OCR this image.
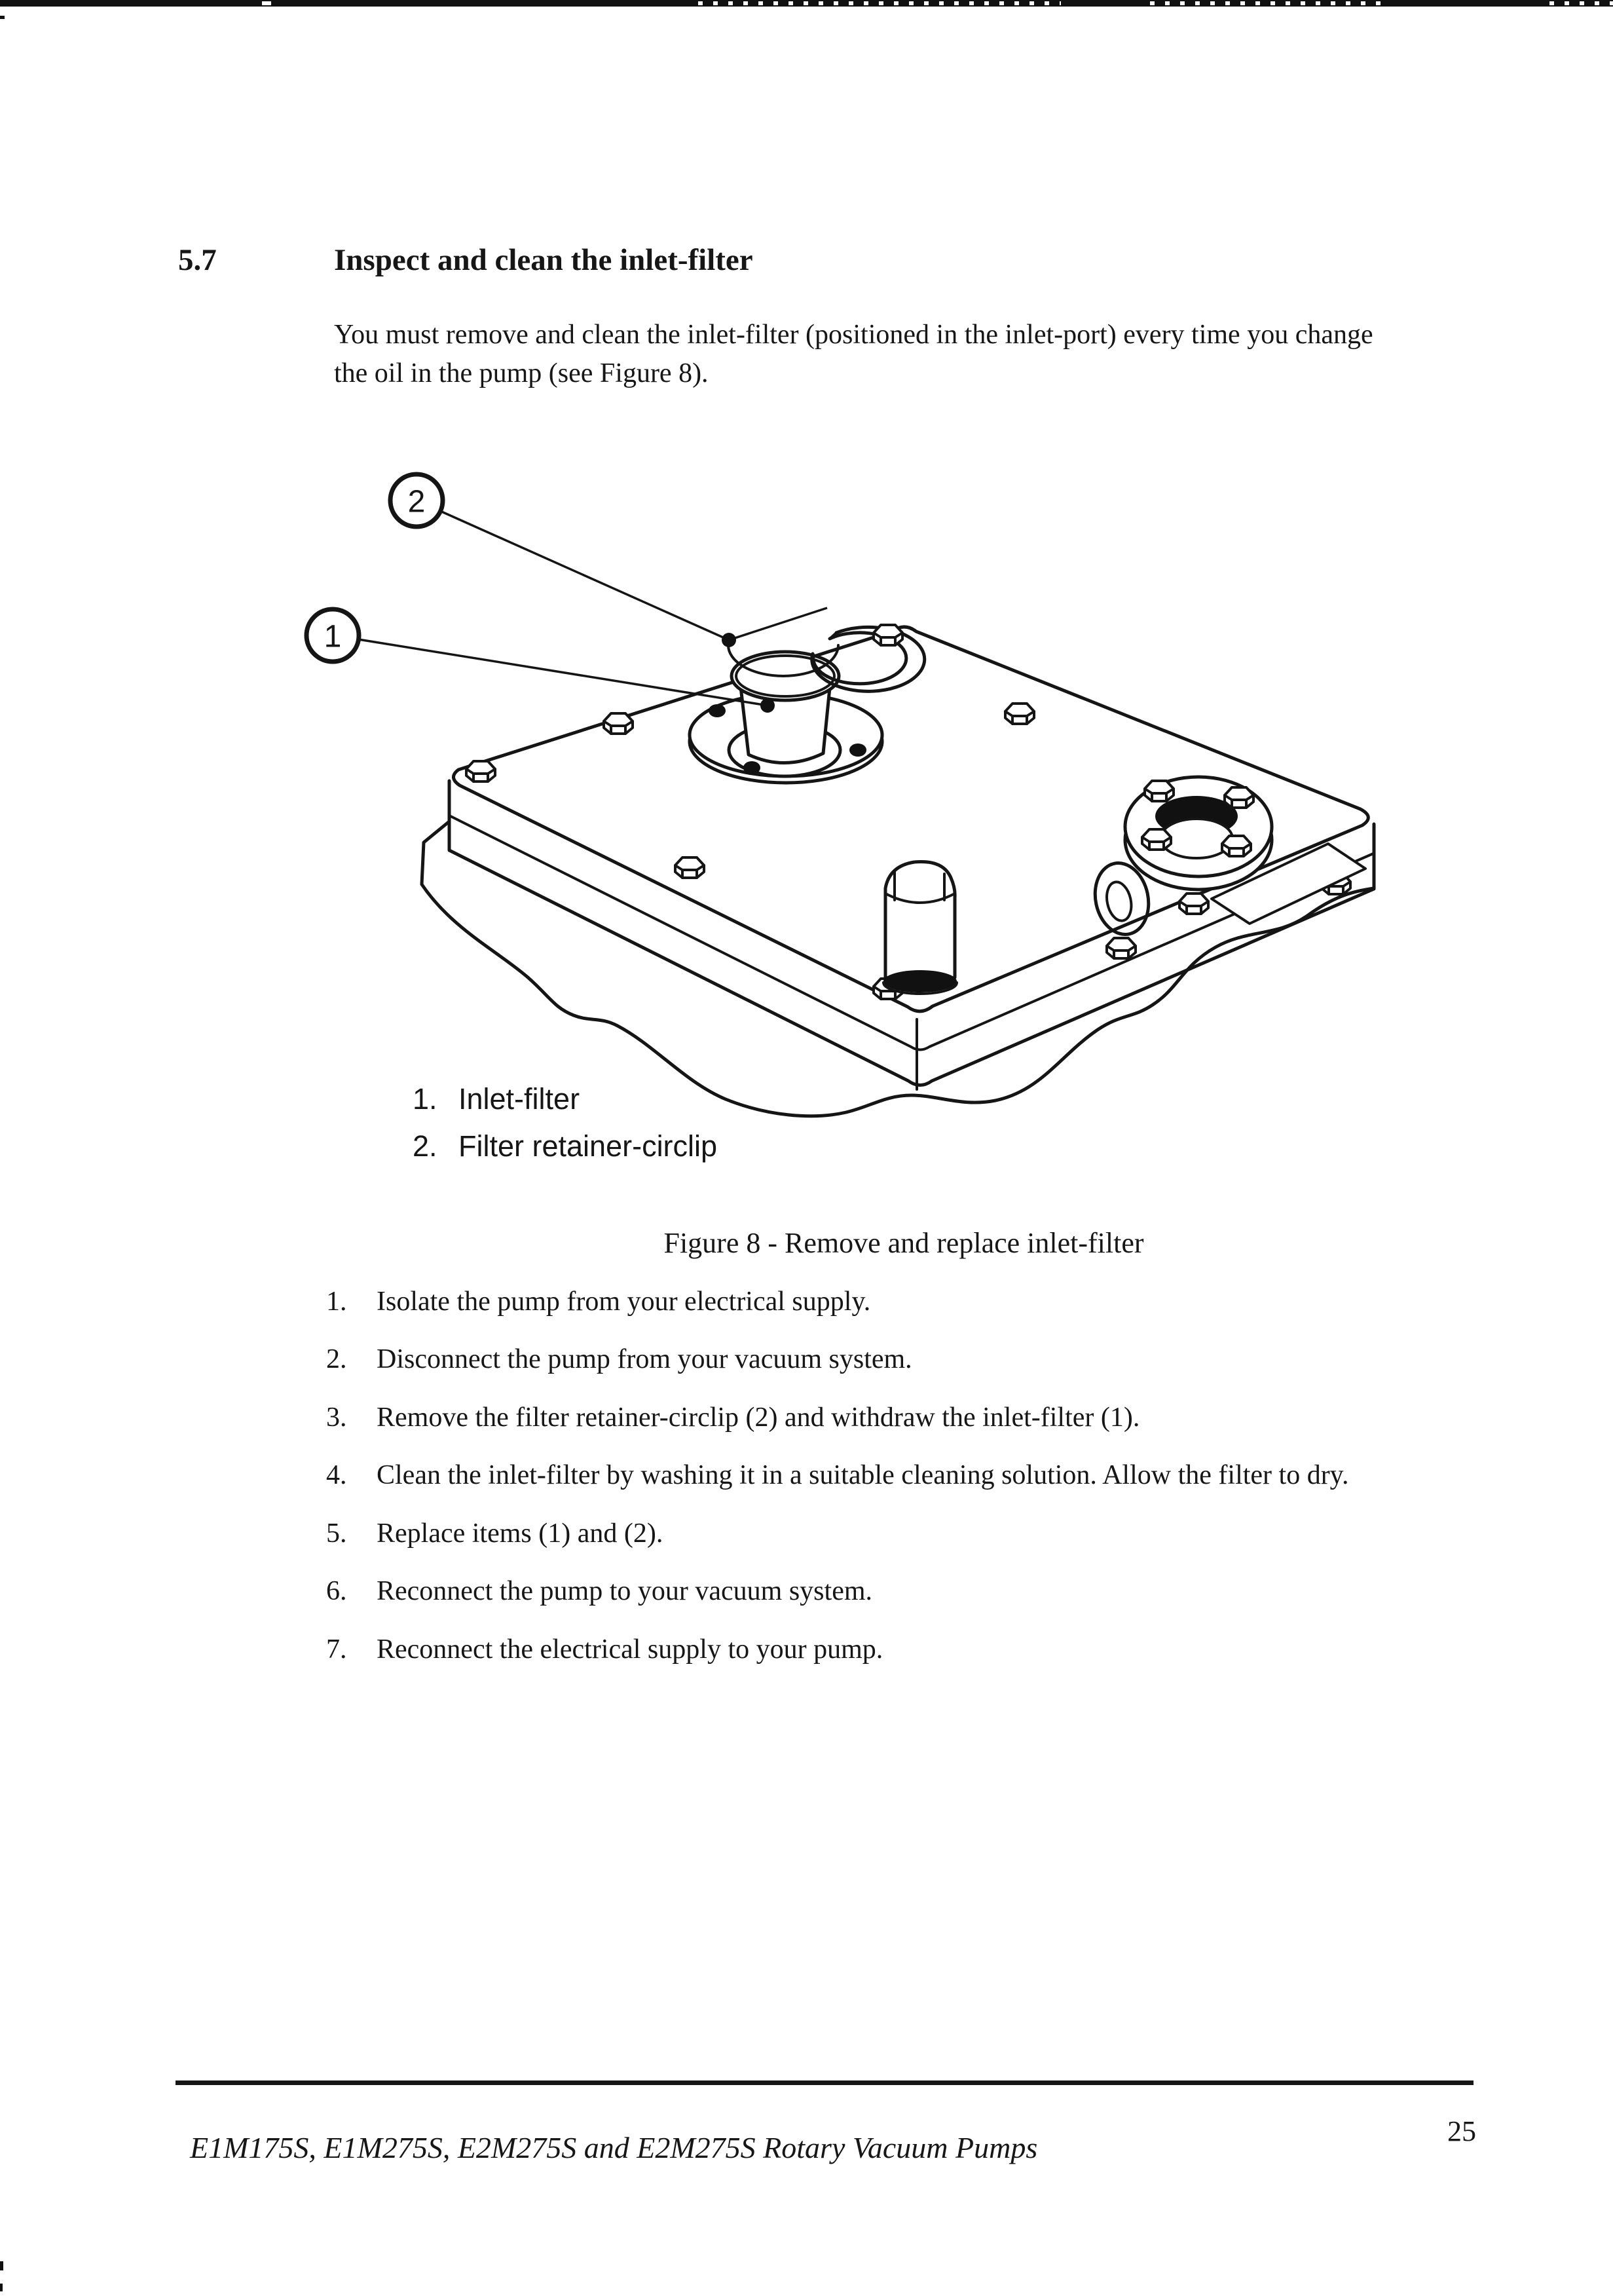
5.7	Inspect and clean the inlet-filter
You must remove and clean the inlet-filter (positioned in the inlet-port) every time you change
the oil in the pump (see Figure 8).
2
1
1. Inlet-filter
2. Filter retainer-circlip
Figure 8 - Remove and replace inlet-filter
1. Isolate the pump from your electrical supply.
2. Disconnect the pump from your vacuum system.
3. Remove the filter retainer-circlip (2) and withdraw the inlet-filter (1).
4. Clean the inlet-filter by washing it in a suitable cleaning solution. Allow the filter to dry.
5. Replace items (1) and (2).
6. Reconnect the pump to your vacuum system.
7. Reconnect the electrical supply to your pump.
E1M175S, E1M275S, E2M275S and E2M275S Rotary Vacuum Pumps	25
